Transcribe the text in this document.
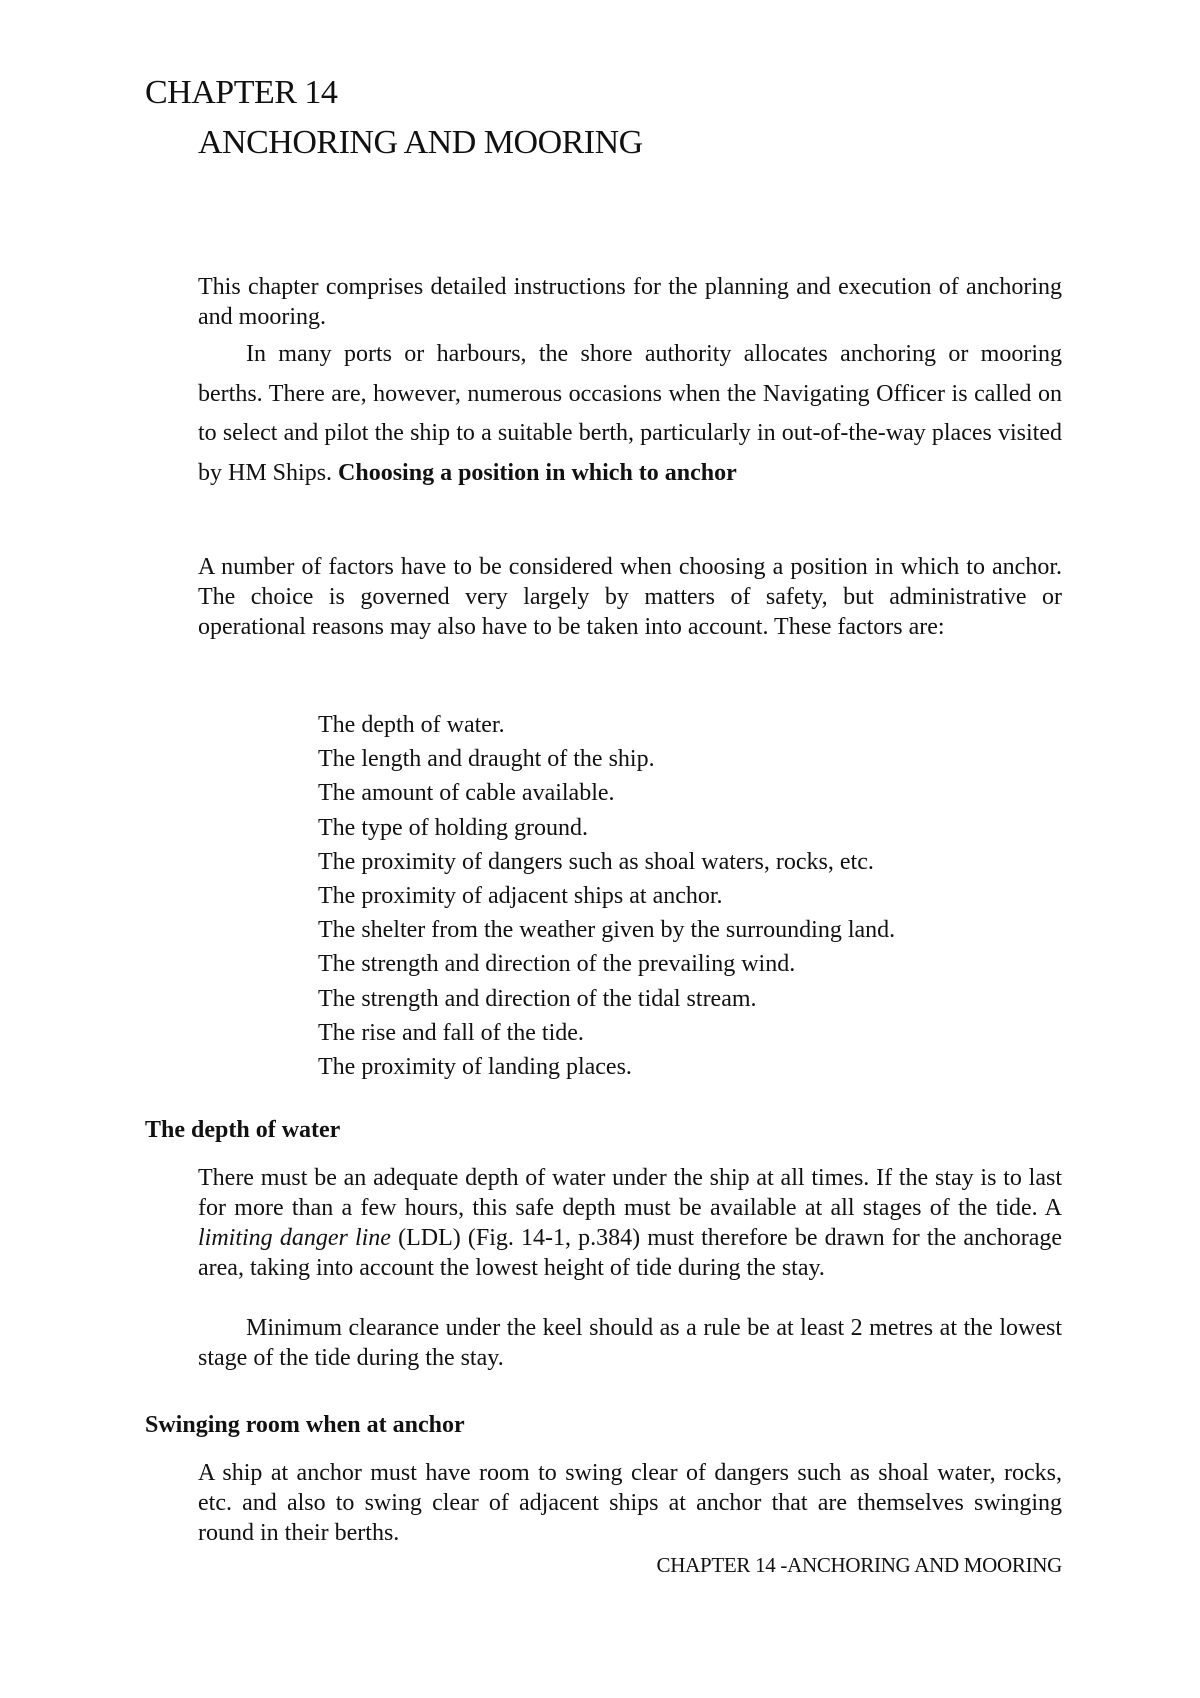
CHAPTER 14
ANCHORING AND MOORING

This chapter comprises detailed instructions for the planning and execution of anchoring and mooring.

In many ports or harbours, the shore authority allocates anchoring or mooring berths. There are, however, numerous occasions when the Navigating Officer is called on to select and pilot the ship to a suitable berth, particularly in out-of-the-way places visited by HM Ships. Choosing a position in which to anchor

A number of factors have to be considered when choosing a position in which to anchor. The choice is governed very largely by matters of safety, but administrative or operational reasons may also have to be taken into account. These factors are:

The depth of water.
The length and draught of the ship.
The amount of cable available.
The type of holding ground.
The proximity of dangers such as shoal waters, rocks, etc.
The proximity of adjacent ships at anchor.
The shelter from the weather given by the surrounding land.
The strength and direction of the prevailing wind.
The strength and direction of the tidal stream.
The rise and fall of the tide.
The proximity of landing places.
The depth of water

There must be an adequate depth of water under the ship at all times. If the stay is to last for more than a few hours, this safe depth must be available at all stages of the tide. A limiting danger line (LDL) (Fig. 14-1, p.384) must therefore be drawn for the anchorage area, taking into account the lowest height of tide during the stay.

Minimum clearance under the keel should as a rule be at least 2 metres at the lowest stage of the tide during the stay.

Swinging room when at anchor

A ship at anchor must have room to swing clear of dangers such as shoal water, rocks, etc. and also to swing clear of adjacent ships at anchor that are themselves swinging round in their berths.

CHAPTER 14 -ANCHORING AND MOORING
